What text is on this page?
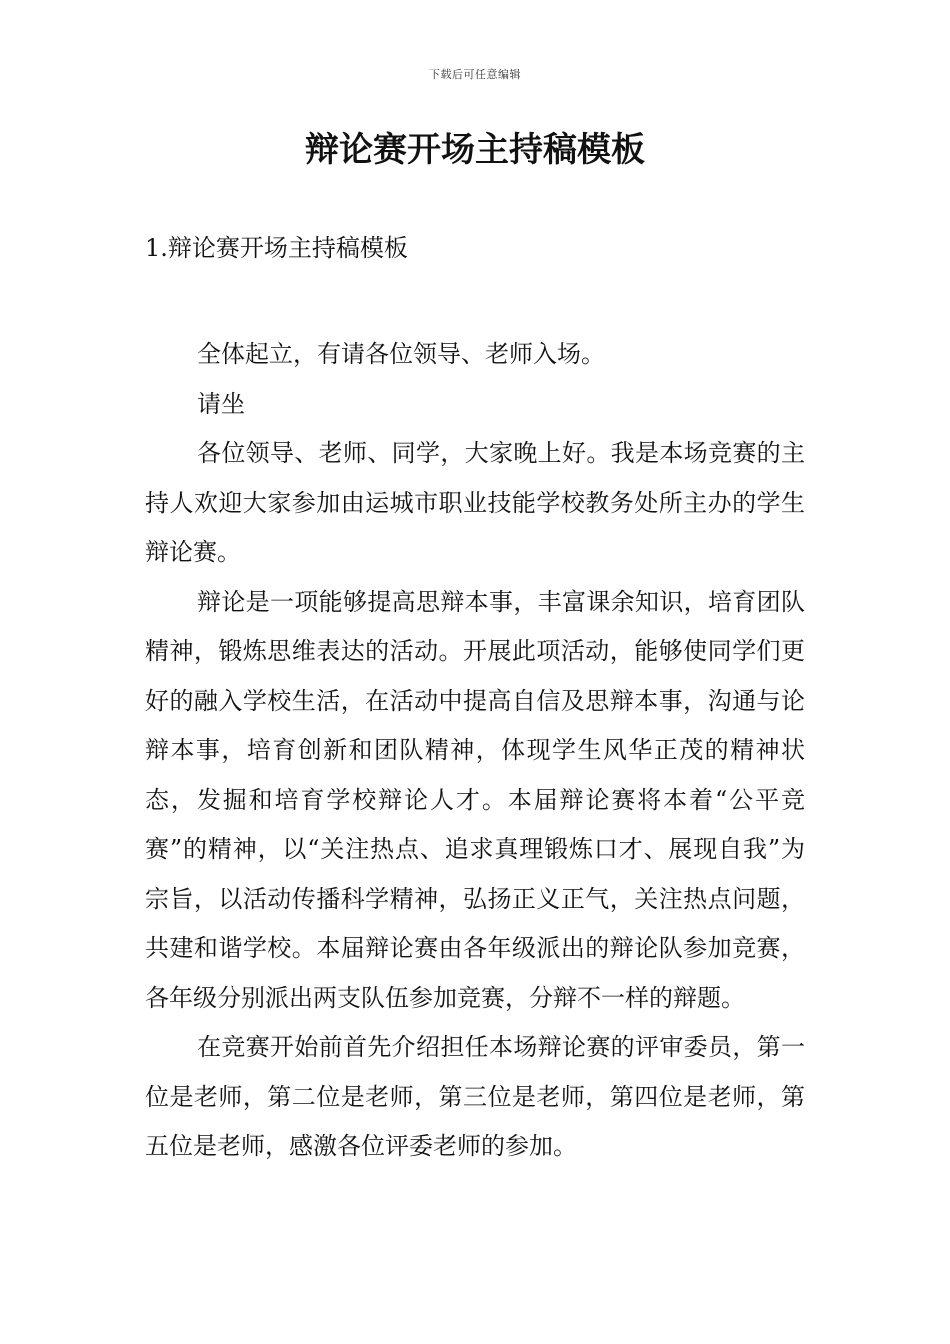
下载后可任意编辑
辩论赛开场主持稿模板
1.辩论赛开场主持稿模板

全体起立，有请各位领导、老师入场。

请坐

各位领导、老师、同学，大家晚上好。我是本场竞赛的主持人欢迎大家参加由运城市职业技能学校教务处所主办的学生辩论赛。

辩论是一项能够提高思辩本事，丰富课余知识，培育团队精神，锻炼思维表达的活动。开展此项活动，能够使同学们更好的融入学校生活，在活动中提高自信及思辩本事，沟通与论辩本事，培育创新和团队精神，体现学生风华正茂的精神状态，发掘和培育学校辩论人才。本届辩论赛将本着“公平竞赛”的精神，以“关注热点、追求真理锻炼口才、展现自我”为宗旨，以活动传播科学精神，弘扬正义正气，关注热点问题，共建和谐学校。本届辩论赛由各年级派出的辩论队参加竞赛，各年级分别派出两支队伍参加竞赛，分辩不一样的辩题。

在竞赛开始前首先介绍担任本场辩论赛的评审委员，第一位是老师，第二位是老师，第三位是老师，第四位是老师，第五位是老师，感激各位评委老师的参加。
